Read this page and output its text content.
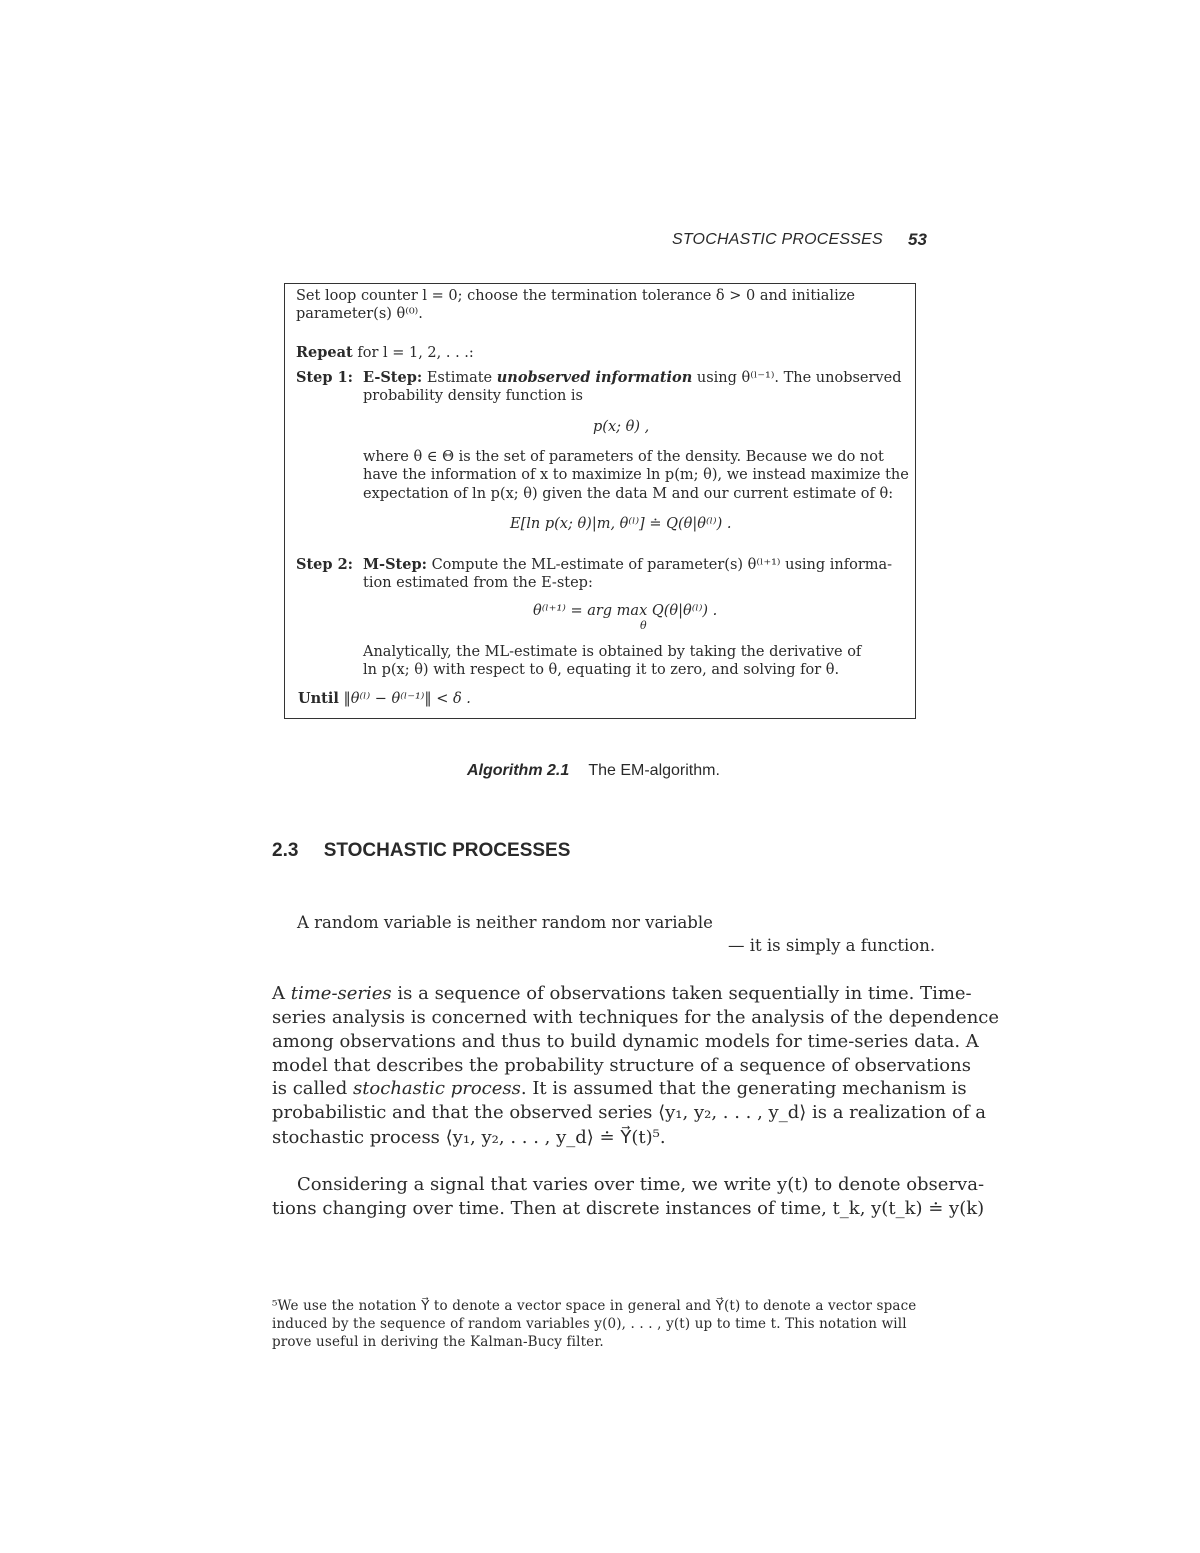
STOCHASTIC PROCESSES 53
Set loop counter l = 0; choose the termination tolerance δ > 0 and initialize
parameter(s) θ⁽⁰⁾.
Repeat for l = 1, 2, . . .:
Step 1: E-Step: Estimate unobserved information using θ⁽ˡ⁻¹⁾. The unobserved
probability density function is
p(x; θ) ,
where θ ∈ Θ is the set of parameters of the density. Because we do not
have the information of x to maximize ln p(m; θ), we instead maximize the
expectation of ln p(x; θ) given the data M and our current estimate of θ:
E[ln p(x; θ)|m, θ⁽ˡ⁾] ≐ Q(θ|θ⁽ˡ⁾) .
Step 2: M-Step: Compute the ML-estimate of parameter(s) θ⁽ˡ⁺¹⁾ using informa-
tion estimated from the E-step:
θ⁽ˡ⁺¹⁾ = arg max Q(θ|θ⁽ˡ⁾) .
θ
Analytically, the ML-estimate is obtained by taking the derivative of
ln p(x; θ) with respect to θ, equating it to zero, and solving for θ.
Until ‖θ⁽ˡ⁾ − θ⁽ˡ⁻¹⁾‖ < δ .
Algorithm 2.1 The EM-algorithm.
2.3 STOCHASTIC PROCESSES
A random variable is neither random nor variable
— it is simply a function.
A time-series is a sequence of observations taken sequentially in time. Time-
series analysis is concerned with techniques for the analysis of the dependence
among observations and thus to build dynamic models for time-series data. A
model that describes the probability structure of a sequence of observations
is called stochastic process. It is assumed that the generating mechanism is
probabilistic and that the observed series ⟨y₁, y₂, . . . , y_d⟩ is a realization of a
stochastic process ⟨y₁, y₂, . . . , y_d⟩ ≐ Y⃗(t)⁵.
Considering a signal that varies over time, we write y(t) to denote observa-
tions changing over time. Then at discrete instances of time, t_k, y(t_k) ≐ y(k)
⁵We use the notation Y⃗ to denote a vector space in general and Y⃗(t) to denote a vector space
induced by the sequence of random variables y(0), . . . , y(t) up to time t. This notation will
prove useful in deriving the Kalman-Bucy filter.
